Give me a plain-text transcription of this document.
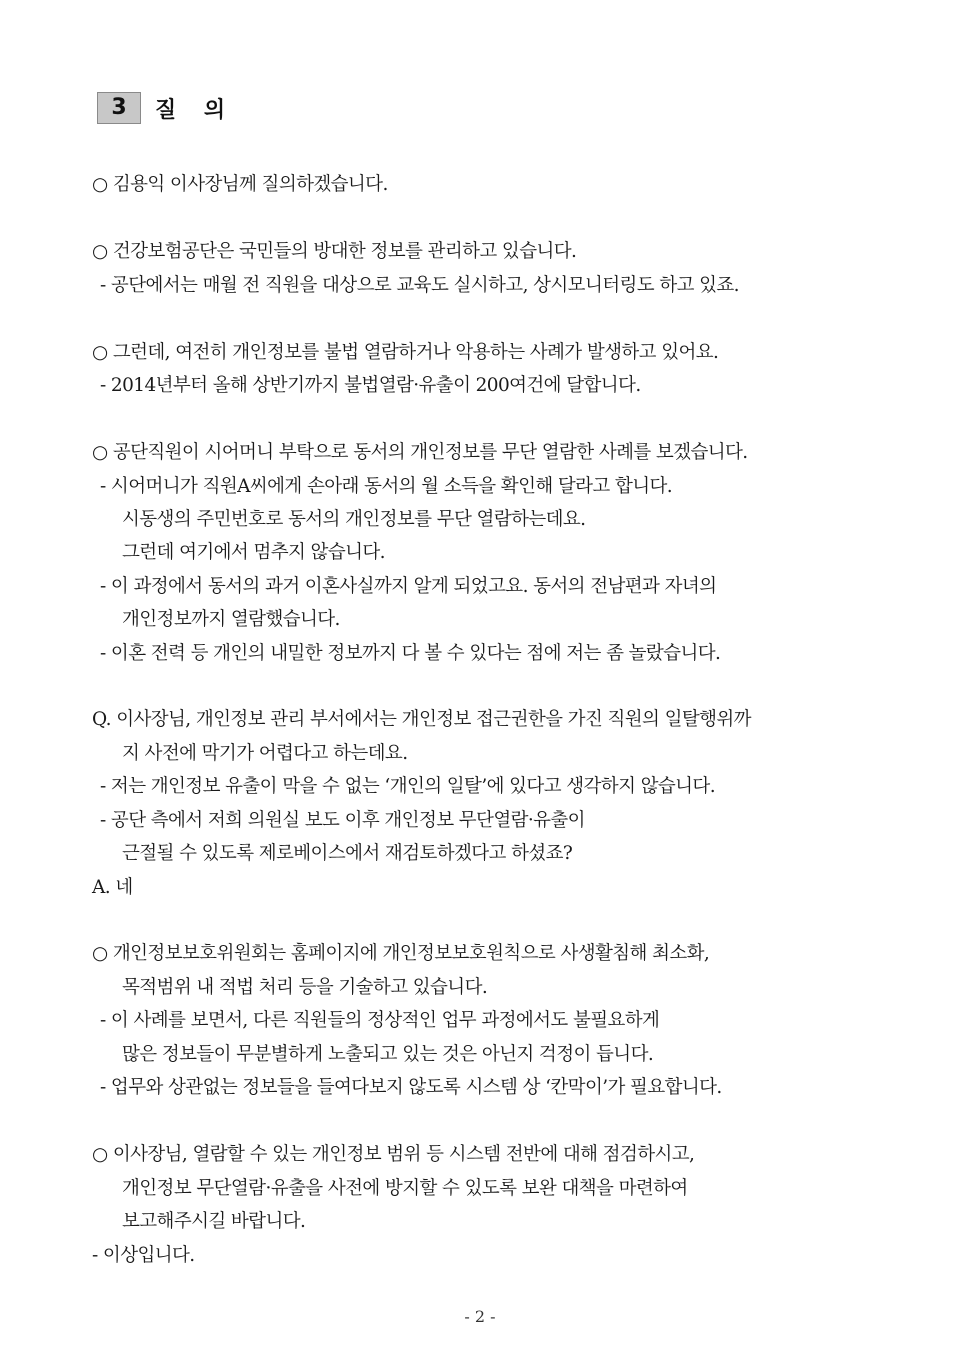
3	질 의
○ 김용익 이사장님께 질의하겠습니다.
○ 건강보험공단은 국민들의 방대한 정보를 관리하고 있습니다.
- 공단에서는 매월 전 직원을 대상으로 교육도 실시하고, 상시모니터링도 하고 있죠.
○ 그런데, 여전히 개인정보를 불법 열람하거나 악용하는 사례가 발생하고 있어요.
- 2014년부터 올해 상반기까지 불법열람·유출이 200여건에 달합니다.
○ 공단직원이 시어머니 부탁으로 동서의 개인정보를 무단 열람한 사례를 보겠습니다.
- 시어머니가 직원A씨에게 손아래 동서의 월 소득을 확인해 달라고 합니다.
시동생의 주민번호로 동서의 개인정보를 무단 열람하는데요.
그런데 여기에서 멈추지 않습니다.
- 이 과정에서 동서의 과거 이혼사실까지 알게 되었고요. 동서의 전남편과 자녀의
개인정보까지 열람했습니다.
- 이혼 전력 등 개인의 내밀한 정보까지 다 볼 수 있다는 점에 저는 좀 놀랐습니다.
Q. 이사장님, 개인정보 관리 부서에서는 개인정보 접근권한을 가진 직원의 일탈행위까
지 사전에 막기가 어렵다고 하는데요.
- 저는 개인정보 유출이 막을 수 없는 ‘개인의 일탈’에 있다고 생각하지 않습니다.
- 공단 측에서 저희 의원실 보도 이후 개인정보 무단열람·유출이
근절될 수 있도록 제로베이스에서 재검토하겠다고 하셨죠?
A. 네
○ 개인정보보호위원회는 홈페이지에 개인정보보호원칙으로 사생활침해 최소화,
목적범위 내 적법 처리 등을 기술하고 있습니다.
- 이 사례를 보면서, 다른 직원들의 정상적인 업무 과정에서도 불필요하게
많은 정보들이 무분별하게 노출되고 있는 것은 아닌지 걱정이 듭니다.
- 업무와 상관없는 정보들을 들여다보지 않도록 시스템 상 ‘칸막이’가 필요합니다.
○ 이사장님, 열람할 수 있는 개인정보 범위 등 시스템 전반에 대해 점검하시고,
개인정보 무단열람·유출을 사전에 방지할 수 있도록 보완 대책을 마련하여
보고해주시길 바랍니다.
- 이상입니다.
- 2 -
